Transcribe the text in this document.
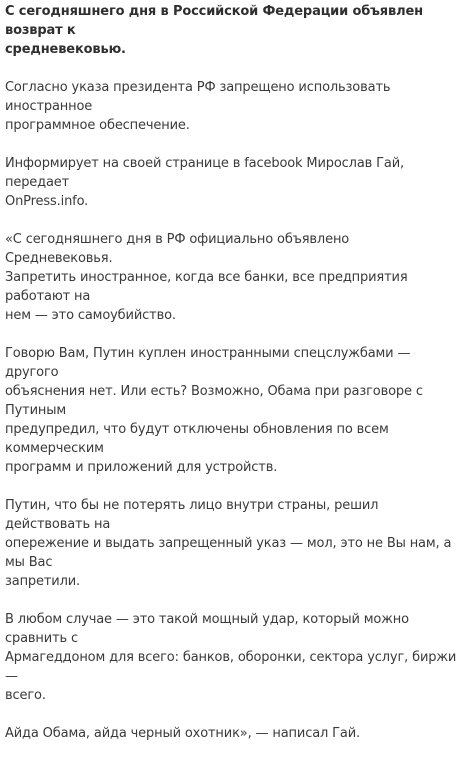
С сегодняшнего дня в Российской Федерации объявлен возврат к
средневековью.

Согласно указа президента РФ запрещено использовать иностранное
программное обеспечение.

Информирует на своей странице в facebook Мирослав Гай, передает
OnPress.info.

«С сегодняшнего дня в РФ официально объявлено Средневековья.
Запретить иностранное, когда все банки, все предприятия работают на
нем — это самоубийство.

Говорю Вам, Путин куплен иностранными спецслужбами — другого
объяснения нет. Или есть? Возможно, Обама при разговоре с Путиным
предупредил, что будут отключены обновления по всем коммерческим
программ и приложений для устройств.

Путин, что бы не потерять лицо внутри страны, решил действовать на
опережение и выдать запрещенный указ — мол, это не Вы нам, а мы Вас
запретили.

В любом случае — это такой мощный удар, который можно сравнить с
Армагеддоном для всего: банков, оборонки, сектора услуг, биржи —
всего.

Айда Обама, айда черный охотник», — написал Гай.
